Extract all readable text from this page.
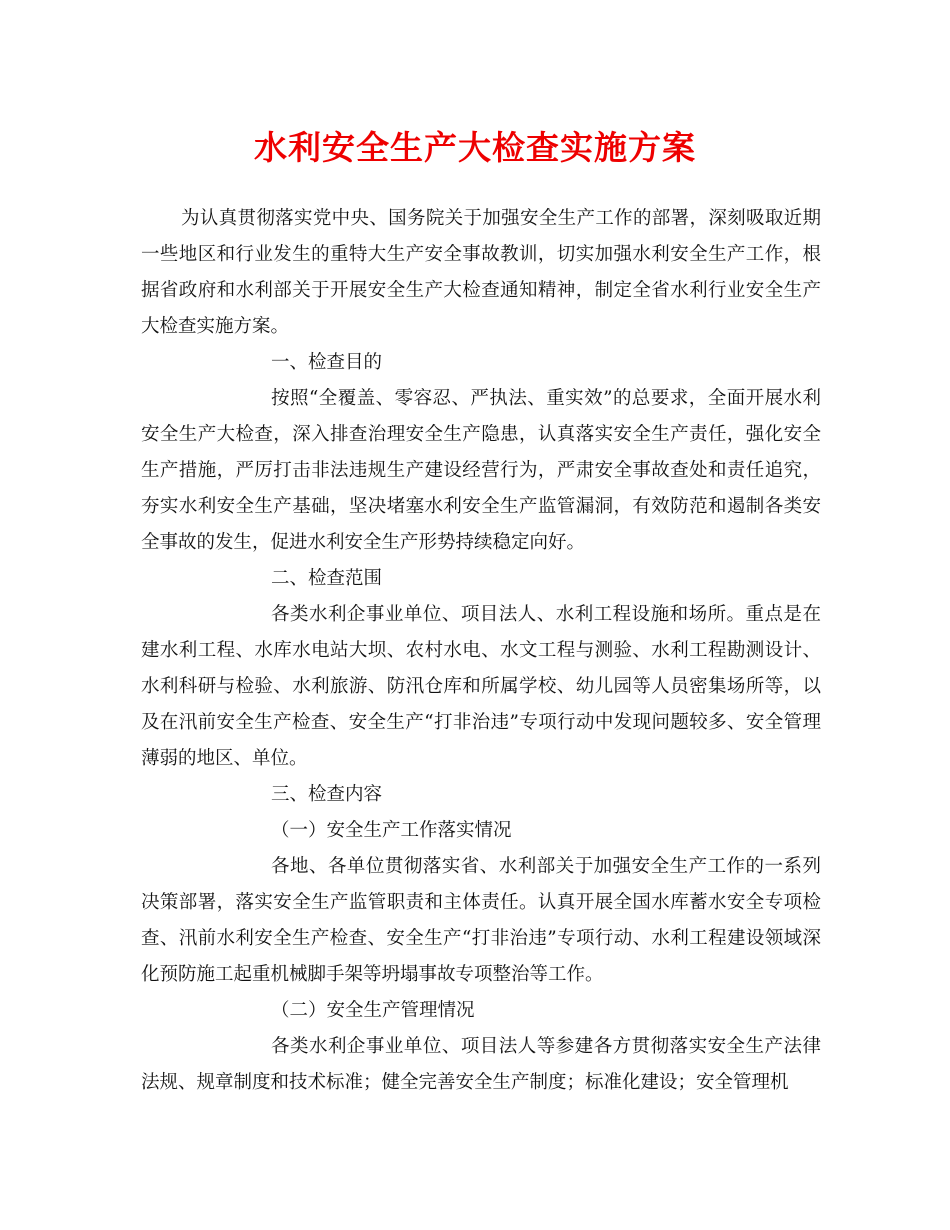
水利安全生产大检查实施方案

为认真贯彻落实党中央、国务院关于加强安全生产工作的部署，深刻吸取近期一些地区和行业发生的重特大生产安全事故教训，切实加强水利安全生产工作，根据省政府和水利部关于开展安全生产大检查通知精神，制定全省水利行业安全生产大检查实施方案。

一、检查目的

按照“全覆盖、零容忍、严执法、重实效”的总要求，全面开展水利安全生产大检查，深入排查治理安全生产隐患，认真落实安全生产责任，强化安全生产措施，严厉打击非法违规生产建设经营行为，严肃安全事故查处和责任追究，夯实水利安全生产基础，坚决堵塞水利安全生产监管漏洞，有效防范和遏制各类安全事故的发生，促进水利安全生产形势持续稳定向好。

二、检查范围

各类水利企事业单位、项目法人、水利工程设施和场所。重点是在建水利工程、水库水电站大坝、农村水电、水文工程与测验、水利工程勘测设计、水利科研与检验、水利旅游、防汛仓库和所属学校、幼儿园等人员密集场所等，以及在汛前安全生产检查、安全生产“打非治违”专项行动中发现问题较多、安全管理薄弱的地区、单位。

三、检查内容

（一）安全生产工作落实情况

各地、各单位贯彻落实省、水利部关于加强安全生产工作的一系列决策部署，落实安全生产监管职责和主体责任。认真开展全国水库蓄水安全专项检查、汛前水利安全生产检查、安全生产“打非治违”专项行动、水利工程建设领域深化预防施工起重机械脚手架等坍塌事故专项整治等工作。

（二）安全生产管理情况

各类水利企事业单位、项目法人等参建各方贯彻落实安全生产法律法规、规章制度和技术标准；健全完善安全生产制度；标准化建设；安全管理机
